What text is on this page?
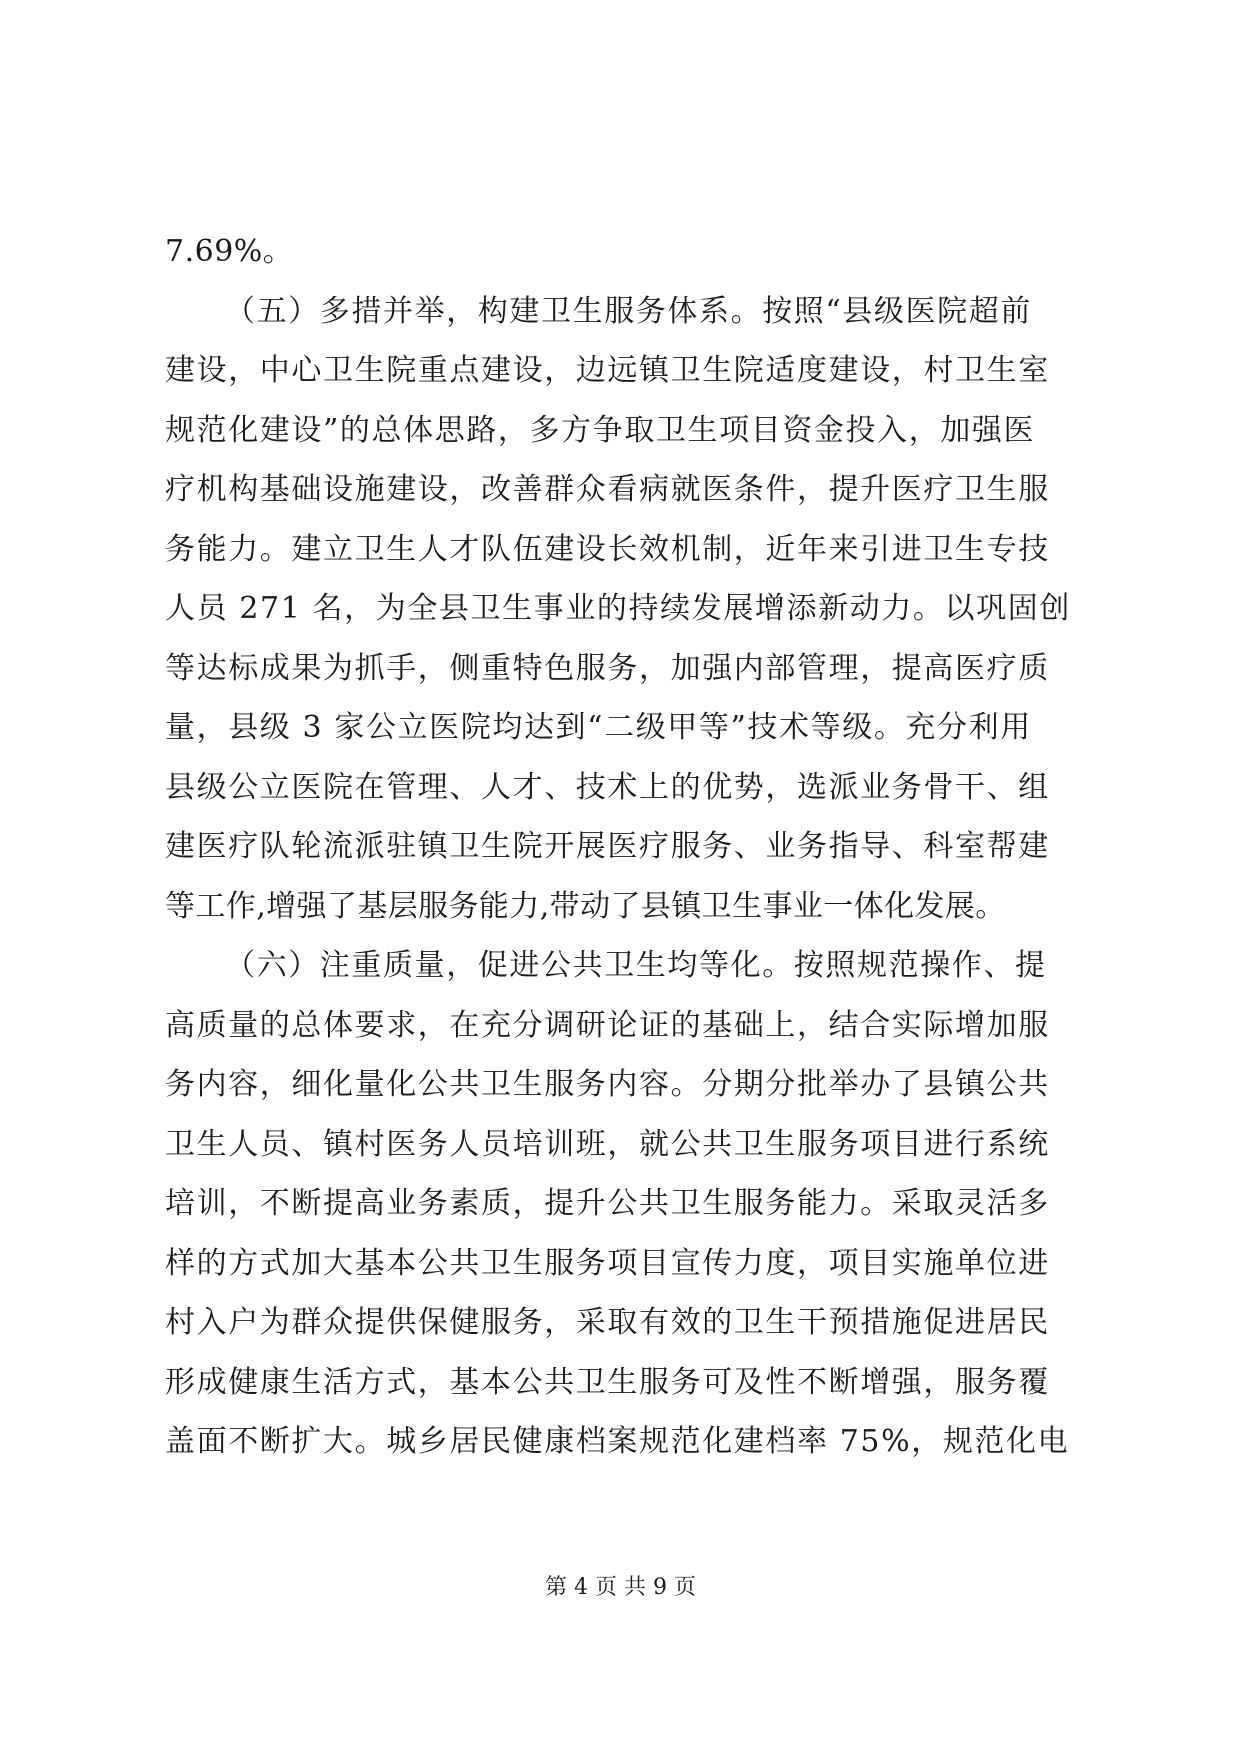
7.69%。
（五）多措并举，构建卫生服务体系。按照“县级医院超前
建设，中心卫生院重点建设，边远镇卫生院适度建设，村卫生室
规范化建设”的总体思路，多方争取卫生项目资金投入，加强医
疗机构基础设施建设，改善群众看病就医条件，提升医疗卫生服
务能力。建立卫生人才队伍建设长效机制，近年来引进卫生专技
人员 271 名，为全县卫生事业的持续发展增添新动力。以巩固创
等达标成果为抓手，侧重特色服务，加强内部管理，提高医疗质
量，县级 3 家公立医院均达到“二级甲等”技术等级。充分利用
县级公立医院在管理、人才、技术上的优势，选派业务骨干、组
建医疗队轮流派驻镇卫生院开展医疗服务、业务指导、科室帮建
等工作,增强了基层服务能力,带动了县镇卫生事业一体化发展。
（六）注重质量，促进公共卫生均等化。按照规范操作、提
高质量的总体要求，在充分调研论证的基础上，结合实际增加服
务内容，细化量化公共卫生服务内容。分期分批举办了县镇公共
卫生人员、镇村医务人员培训班，就公共卫生服务项目进行系统
培训，不断提高业务素质，提升公共卫生服务能力。采取灵活多
样的方式加大基本公共卫生服务项目宣传力度，项目实施单位进
村入户为群众提供保健服务，采取有效的卫生干预措施促进居民
形成健康生活方式，基本公共卫生服务可及性不断增强，服务覆
盖面不断扩大。城乡居民健康档案规范化建档率 75%，规范化电
第 4 页 共 9 页
